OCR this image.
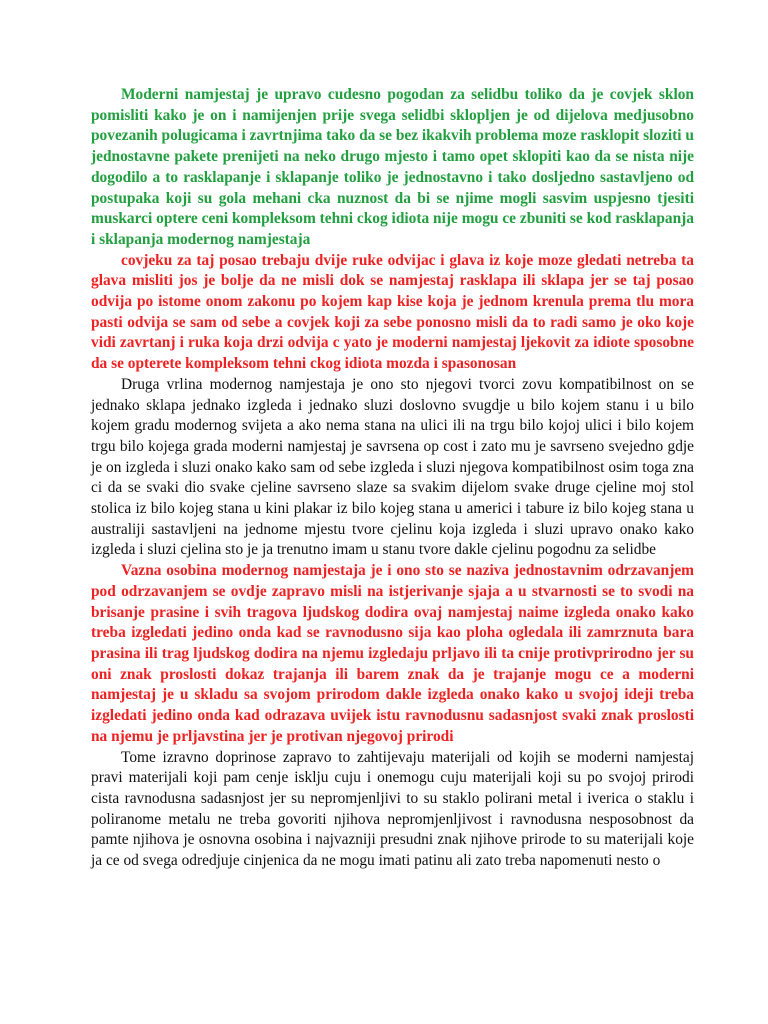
Moderni namjestaj je upravo cudesno pogodan za selidbu toliko da je covjek sklon pomisliti kako je on i namijenjen prije svega selidbi sklopljen je od dijelova medjusobno povezanih polugicama i zavrtnjima tako da se bez ikakvih problema moze rasklopit sloziti u jednostavne pakete prenijeti na neko drugo mjesto i tamo opet sklopiti kao da se nista nije dogodilo a to rasklapanje i sklapanje toliko je jednostavno i tako dosljedno sastavljeno od postupaka koji su gola mehani cka nuznost da bi se njime mogli sasvim uspjesno tjesiti muskarci optere ceni kompleksom tehni ckog idiota nije mogu ce zbuniti se kod rasklapanja i sklapanja modernog namjestaja

covjeku za taj posao trebaju dvije ruke odvijac i glava iz koje moze gledati netreba ta glava misliti jos je bolje da ne misli dok se namjestaj rasklapa ili sklapa jer se taj posao odvija po istome onom zakonu po kojem kap kise koja je jednom krenula prema tlu mora pasti odvija se sam od sebe a covjek koji za sebe ponosno misli da to radi samo je oko koje vidi zavrtanj i ruka koja drzi odvija c yato je moderni namjestaj ljekovit za idiote sposobne da se opterete kompleksom tehni ckog idiota mozda i spasonosan

Druga vrlina modernog namjestaja je ono sto njegovi tvorci zovu kompatibilnost on se jednako sklapa jednako izgleda i jednako sluzi doslovno svugdje u bilo kojem stanu i u bilo kojem gradu modernog svijeta a ako nema stana na ulici ili na trgu bilo kojoj ulici i bilo kojem trgu bilo kojega grada moderni namjestaj je savrsena op cost i zato mu je savrseno svejedno gdje je on izgleda i sluzi onako kako sam od sebe izgleda i sluzi njegova kompatibilnost osim toga zna ci da se svaki dio svake cjeline savrseno slaze sa svakim dijelom svake druge cjeline moj stol stolica iz bilo kojeg stana u kini plakar iz bilo kojeg stana u americi i tabure iz bilo kojeg stana u australiji sastavljeni na jednome mjestu tvore cjelinu koja izgleda i sluzi upravo onako kako izgleda i sluzi cjelina sto je ja trenutno imam u stanu tvore dakle cjelinu pogodnu za selidbe

Vazna osobina modernog namjestaja je i ono sto se naziva jednostavnim odrzavanjem pod odrzavanjem se ovdje zapravo misli na istjerivanje sjaja a u stvarnosti se to svodi na brisanje prasine i svih tragova ljudskog dodira ovaj namjestaj naime izgleda onako kako treba izgledati jedino onda kad se ravnodusno sija kao ploha ogledala ili zamrznuta bara prasina ili trag ljudskog dodira na njemu izgledaju prljavo ili ta cnije protivprirodno jer su oni znak proslosti dokaz trajanja ili barem znak da je trajanje mogu ce a moderni namjestaj je u skladu sa svojom prirodom dakle izgleda onako kako u svojoj ideji treba izgledati jedino onda kad odrazava uvijek istu ravnodusnu sadasnjost svaki znak proslosti na njemu je prljavstina jer je protivan njegovoj prirodi

Tome izravno doprinose zapravo to zahtijevaju materijali od kojih se moderni namjestaj pravi materijali koji pam cenje isklju cuju i onemogu cuju materijali koji su po svojoj prirodi cista ravnodusna sadasnjost jer su nepromjenljivi to su staklo polirani metal i iverica o staklu i poliranome metalu ne treba govoriti njihova nepromjenljivost i ravnodusna nesposobnost da pamte njihova je osnovna osobina i najvazniji presudni znak njihove prirode to su materijali koje ja ce od svega odredjuje cinjenica da ne mogu imati patinu ali zato treba napomenuti nesto o
